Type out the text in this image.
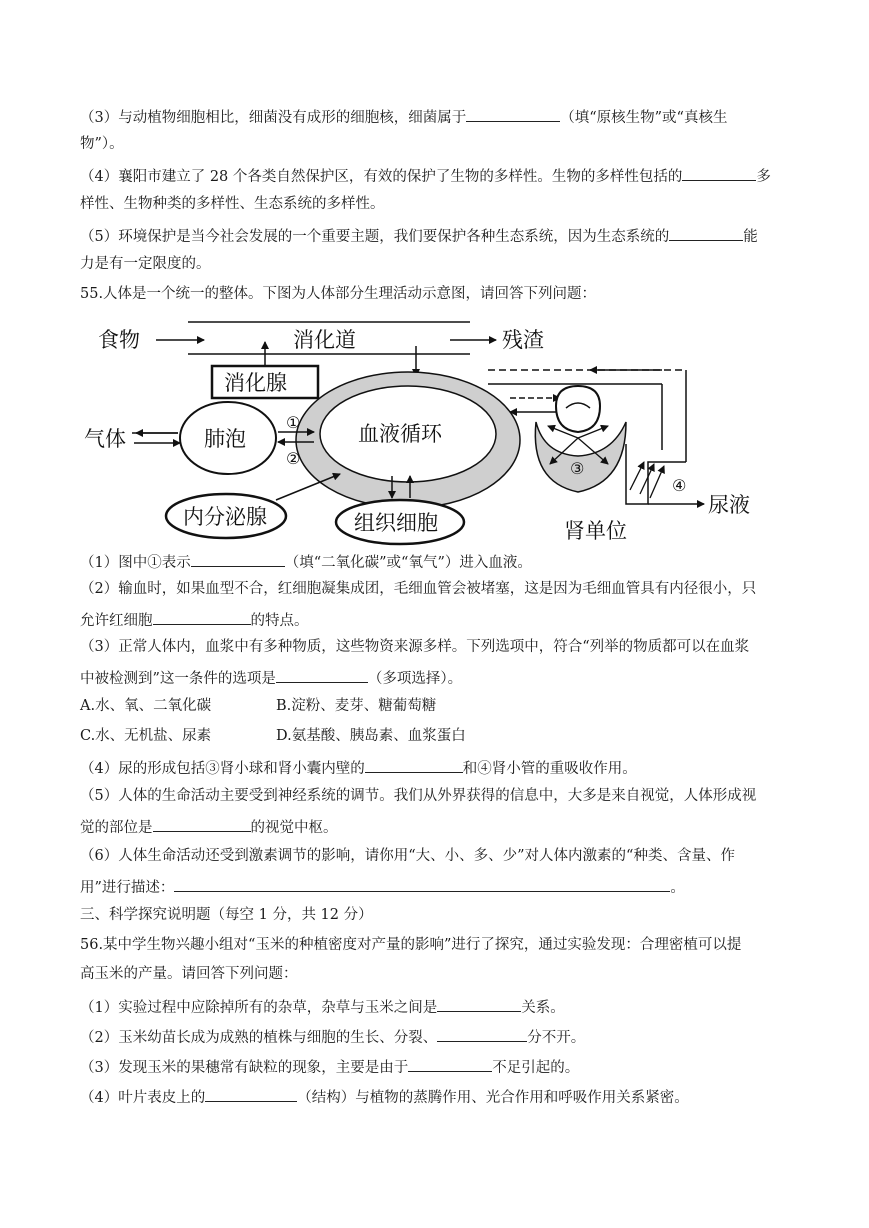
（3）与动植物细胞相比，细菌没有成形的细胞核，细菌属于	（填“原核生物”或“真核生
物”）。
（4）襄阳市建立了 28 个各类自然保护区，有效的保护了生物的多样性。生物的多样性包括的	多
样性、生物种类的多样性、生态系统的多样性。
（5）环境保护是当今社会发展的一个重要主题，我们要保护各种生态系统，因为生态系统的	能
力是有一定限度的。
55.人体是一个统一的整体。下图为人体部分生理活动示意图，请回答下列问题：
食物	消化道	残渣
消化腺
血液循环
气体	肺泡
①
②
内分泌腺	组织细胞
③
④
尿液
肾单位
（1）图中①表示	（填“二氧化碳”或“氧气”）进入血液。
（2）输血时，如果血型不合，红细胞凝集成团，毛细血管会被堵塞，这是因为毛细血管具有内径很小，只
允许红细胞	的特点。
（3）正常人体内，血浆中有多种物质，这些物资来源多样。下列选项中，符合“列举的物质都可以在血浆
中被检测到”这一条件的选项是	（多项选择）。
A.水、氧、二氧化碳	B.淀粉、麦芽、糖葡萄糖
C.水、无机盐、尿素	D.氨基酸、胰岛素、血浆蛋白
（4）尿的形成包括③肾小球和肾小囊内壁的	和④肾小管的重吸收作用。
（5）人体的生命活动主要受到神经系统的调节。我们从外界获得的信息中，大多是来自视觉，人体形成视
觉的部位是	的视觉中枢。
（6）人体生命活动还受到激素调节的影响，请你用“大、小、多、少”对人体内激素的“种类、含量、作
用”进行描述：	。
三、科学探究说明题（每空 1 分，共 12 分）
56.某中学生物兴趣小组对“玉米的种植密度对产量的影响”进行了探究，通过实验发现：合理密植可以提
高玉米的产量。请回答下列问题：
（1）实验过程中应除掉所有的杂草，杂草与玉米之间是	关系。
（2）玉米幼苗长成为成熟的植株与细胞的生长、分裂、	分不开。
（3）发现玉米的果穗常有缺粒的现象，主要是由于	不足引起的。
（4）叶片表皮上的	（结构）与植物的蒸腾作用、光合作用和呼吸作用关系紧密。
